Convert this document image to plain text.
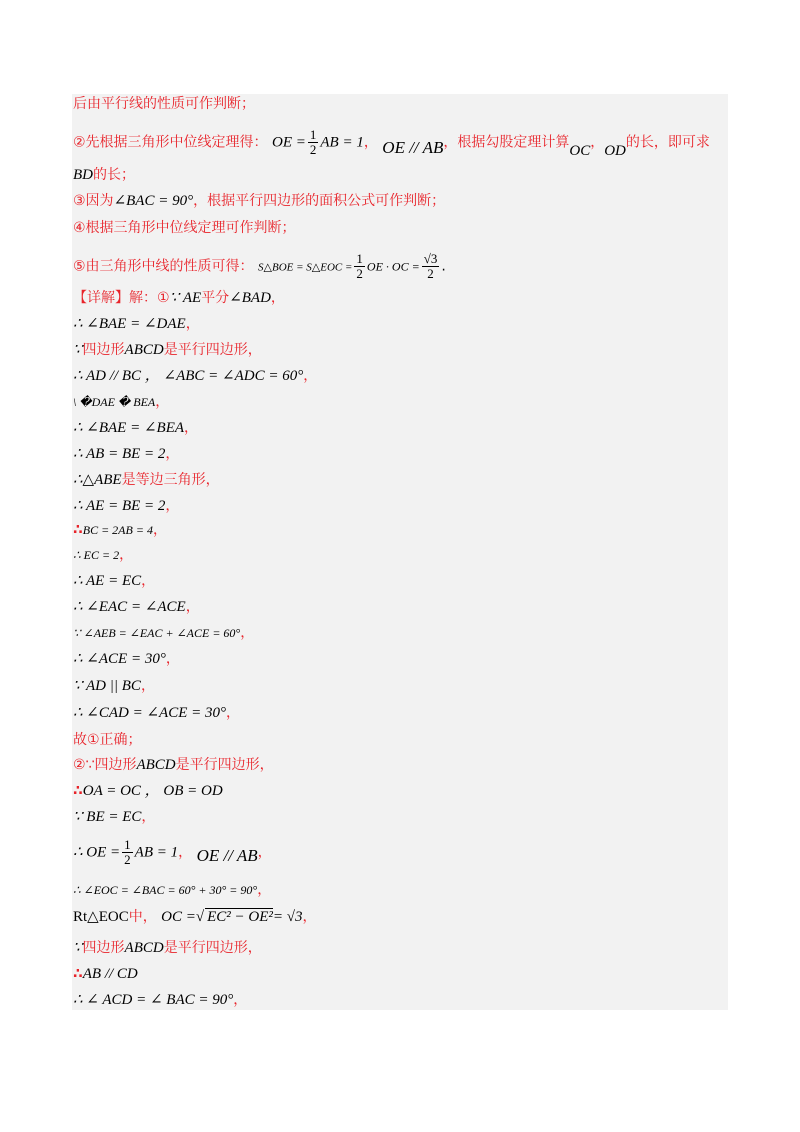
后由平行线的性质可作判断；
②先根据三角形中位线定理得： OE = $\frac{1}{2}$ AB = 1， OE // AB，根据勾股定理计算OC，OD的长，即可求
BD的长；
③因为∠BAC = 90°，根据平行四边形的面积公式可作判断；
④根据三角形中位线定理可作判断；
⑤由三角形中线的性质可得： S△BOE = S△EOC = $\frac{1}{2}$ OE · OC = $\frac{√3}{2}$ .
【详解】解：①∵ AE平分∠BAD，
∴ ∠BAE = ∠DAE，
∵四边形ABCD是平行四边形，
∴ AD // BC ， ∠ABC = ∠ADC = 60°，
\ �DAE � BEA，
∴ ∠BAE = ∠BEA，
∴ AB = BE = 2，
∴△ABE是等边三角形，
∴ AE = BE = 2，
∴BC = 2AB = 4，
∴ EC = 2，
∴ AE = EC，
∴ ∠EAC = ∠ACE，
∵ ∠AEB = ∠EAC + ∠ACE = 60°，
∴ ∠ACE = 30°，
∵ AD || BC，
∴ ∠CAD = ∠ACE = 30°，
故①正确；
②∵四边形ABCD是平行四边形，
∴OA = OC ， OB = OD
∵ BE = EC，
∴ OE = $\frac{1}{2}$ AB = 1， OE // AB，
∴ ∠EOC = ∠BAC = 60° + 30° = 90°，
Rt△EOC中， OC =√ EC² − OE²= √3，
∵四边形ABCD是平行四边形，
∴AB // CD
∴ ∠ ACD = ∠ BAC = 90°，
